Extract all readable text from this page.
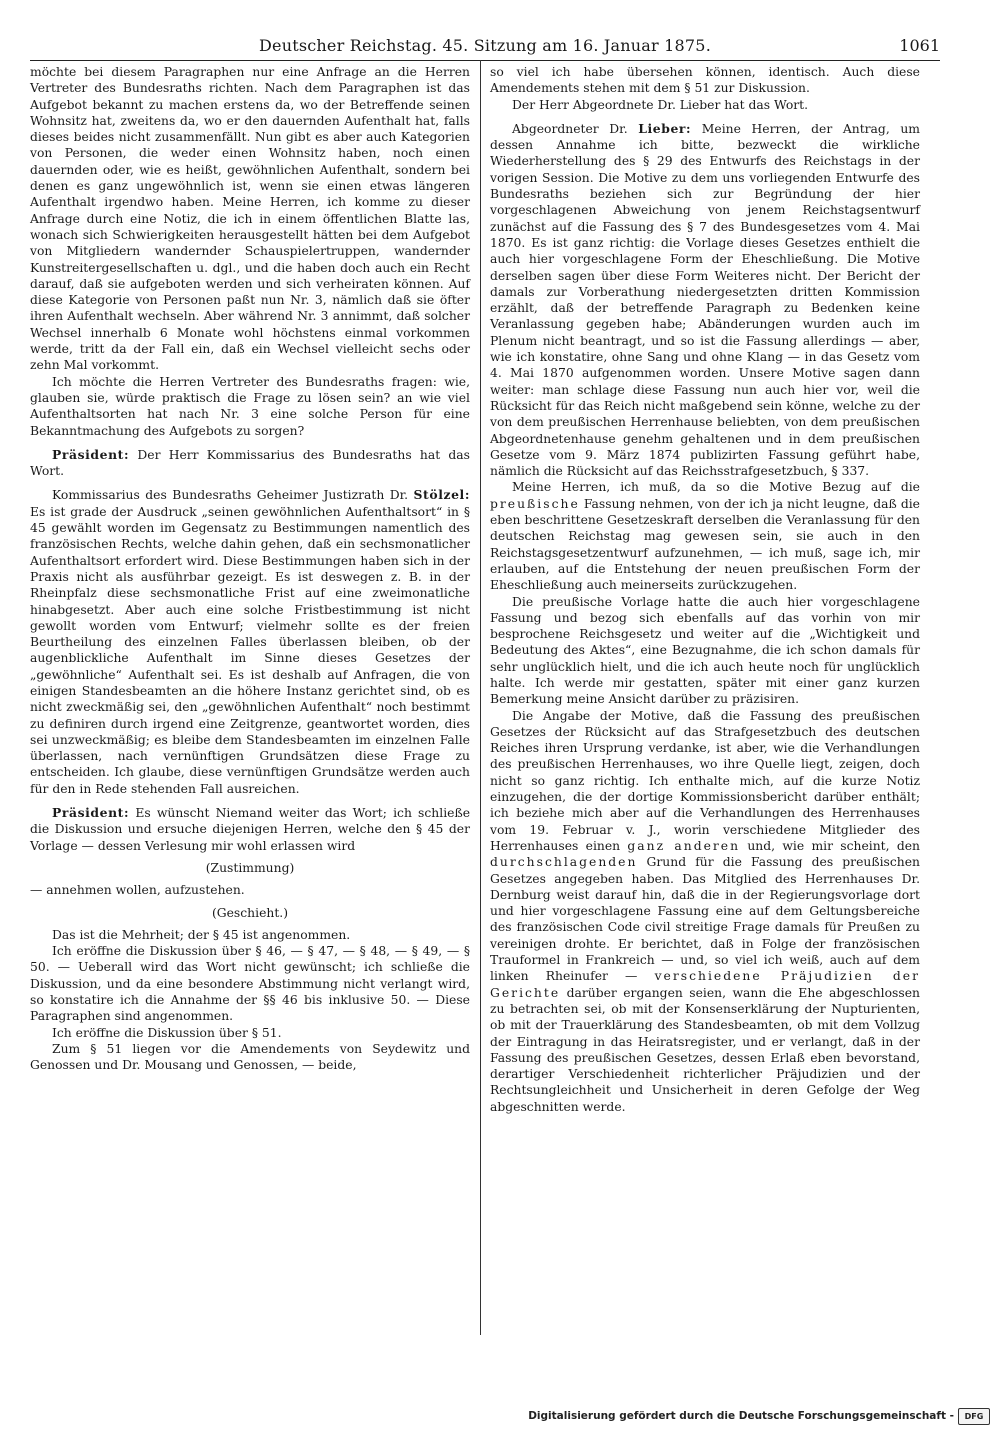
Deutscher Reichstag. 45. Sitzung am 16. Januar 1875.	1061

möchte bei diesem Paragraphen nur eine Anfrage an die Herren Vertreter des Bundesraths richten. Nach dem Paragraphen ist das Aufgebot bekannt zu machen erstens da, wo der Betreffende seinen Wohnsitz hat, zweitens da, wo er den dauernden Aufenthalt hat, falls dieses beides nicht zusammenfällt. Nun gibt es aber auch Kategorien von Personen, die weder einen Wohnsitz haben, noch einen dauernden oder, wie es heißt, gewöhnlichen Aufenthalt, sondern bei denen es ganz ungewöhnlich ist, wenn sie einen etwas längeren Aufenthalt irgendwo haben. Meine Herren, ich komme zu dieser Anfrage durch eine Notiz, die ich in einem öffentlichen Blatte las, wonach sich Schwierigkeiten herausgestellt hätten bei dem Aufgebot von Mitgliedern wandernder Schauspielertruppen, wandernder Kunstreitergesellschaften u. dgl., und die haben doch auch ein Recht darauf, daß sie aufgeboten werden und sich verheiraten können. Auf diese Kategorie von Personen paßt nun Nr. 3, nämlich daß sie öfter ihren Aufenthalt wechseln. Aber während Nr. 3 annimmt, daß solcher Wechsel innerhalb 6 Monate wohl höchstens einmal vorkommen werde, tritt da der Fall ein, daß ein Wechsel vielleicht sechs oder zehn Mal vorkommt.

Ich möchte die Herren Vertreter des Bundesraths fragen: wie, glauben sie, würde praktisch die Frage zu lösen sein? an wie viel Aufenthaltsorten hat nach Nr. 3 eine solche Person für eine Bekanntmachung des Aufgebots zu sorgen?

Präsident: Der Herr Kommissarius des Bundesraths hat das Wort.

Kommissarius des Bundesraths Geheimer Justizrath Dr. Stölzel: Es ist grade der Ausdruck „seinen gewöhnlichen Aufenthaltsort“ in § 45 gewählt worden im Gegensatz zu Bestimmungen namentlich des französischen Rechts, welche dahin gehen, daß ein sechsmonatlicher Aufenthaltsort erfordert wird. Diese Bestimmungen haben sich in der Praxis nicht als ausführbar gezeigt. Es ist deswegen z. B. in der Rheinpfalz diese sechsmonatliche Frist auf eine zweimonatliche hinabgesetzt. Aber auch eine solche Fristbestimmung ist nicht gewollt worden vom Entwurf; vielmehr sollte es der freien Beurtheilung des einzelnen Falles überlassen bleiben, ob der augenblickliche Aufenthalt im Sinne dieses Gesetzes der „gewöhnliche“ Aufenthalt sei. Es ist deshalb auf Anfragen, die von einigen Standesbeamten an die höhere Instanz gerichtet sind, ob es nicht zweckmäßig sei, den „gewöhnlichen Aufenthalt“ noch bestimmt zu definiren durch irgend eine Zeitgrenze, geantwortet worden, dies sei unzweckmäßig; es bleibe dem Standesbeamten im einzelnen Falle überlassen, nach vernünftigen Grundsätzen diese Frage zu entscheiden. Ich glaube, diese vernünftigen Grundsätze werden auch für den in Rede stehenden Fall ausreichen.

Präsident: Es wünscht Niemand weiter das Wort; ich schließe die Diskussion und ersuche diejenigen Herren, welche den § 45 der Vorlage — dessen Verlesung mir wohl erlassen wird

(Zustimmung)

— annehmen wollen, aufzustehen.

(Geschieht.)

Das ist die Mehrheit; der § 45 ist angenommen.

Ich eröffne die Diskussion über § 46, — § 47, — § 48, — § 49, — § 50. — Ueberall wird das Wort nicht gewünscht; ich schließe die Diskussion, und da eine besondere Abstimmung nicht verlangt wird, so konstatire ich die Annahme der §§ 46 bis inklusive 50. — Diese Paragraphen sind angenommen.

Ich eröffne die Diskussion über § 51.

Zum § 51 liegen vor die Amendements von Seydewitz und Genossen und Dr. Mousang und Genossen, — beide,

so viel ich habe übersehen können, identisch. Auch diese Amendements stehen mit dem § 51 zur Diskussion.

Der Herr Abgeordnete Dr. Lieber hat das Wort.

Abgeordneter Dr. Lieber: Meine Herren, der Antrag, um dessen Annahme ich bitte, bezweckt die wirkliche Wiederherstellung des § 29 des Entwurfs des Reichstags in der vorigen Session. Die Motive zu dem uns vorliegenden Entwurfe des Bundesraths beziehen sich zur Begründung der hier vorgeschlagenen Abweichung von jenem Reichstagsentwurf zunächst auf die Fassung des § 7 des Bundesgesetzes vom 4. Mai 1870. Es ist ganz richtig: die Vorlage dieses Gesetzes enthielt die auch hier vorgeschlagene Form der Eheschließung. Die Motive derselben sagen über diese Form Weiteres nicht. Der Bericht der damals zur Vorberathung niedergesetzten dritten Kommission erzählt, daß der betreffende Paragraph zu Bedenken keine Veranlassung gegeben habe; Abänderungen wurden auch im Plenum nicht beantragt, und so ist die Fassung allerdings — aber, wie ich konstatire, ohne Sang und ohne Klang — in das Gesetz vom 4. Mai 1870 aufgenommen worden. Unsere Motive sagen dann weiter: man schlage diese Fassung nun auch hier vor, weil die Rücksicht für das Reich nicht maßgebend sein könne, welche zu der von dem preußischen Herrenhause beliebten, von dem preußischen Abgeordnetenhause genehm gehaltenen und in dem preußischen Gesetze vom 9. März 1874 publizirten Fassung geführt habe, nämlich die Rücksicht auf das Reichsstrafgesetzbuch, § 337.

Meine Herren, ich muß, da so die Motive Bezug auf die preußische Fassung nehmen, von der ich ja nicht leugne, daß die eben beschrittene Gesetzeskraft derselben die Veranlassung für den deutschen Reichstag mag gewesen sein, sie auch in den Reichstagsgesetzentwurf aufzunehmen, — ich muß, sage ich, mir erlauben, auf die Entstehung der neuen preußischen Form der Eheschließung auch meinerseits zurückzugehen.

Die preußische Vorlage hatte die auch hier vorgeschlagene Fassung und bezog sich ebenfalls auf das vorhin von mir besprochene Reichsgesetz und weiter auf die „Wichtigkeit und Bedeutung des Aktes“, eine Bezugnahme, die ich schon damals für sehr unglücklich hielt, und die ich auch heute noch für unglücklich halte. Ich werde mir gestatten, später mit einer ganz kurzen Bemerkung meine Ansicht darüber zu präzisiren.

Die Angabe der Motive, daß die Fassung des preußischen Gesetzes der Rücksicht auf das Strafgesetzbuch des deutschen Reiches ihren Ursprung verdanke, ist aber, wie die Verhandlungen des preußischen Herrenhauses, wo ihre Quelle liegt, zeigen, doch nicht so ganz richtig. Ich enthalte mich, auf die kurze Notiz einzugehen, die der dortige Kommissionsbericht darüber enthält; ich beziehe mich aber auf die Verhandlungen des Herrenhauses vom 19. Februar v. J., worin verschiedene Mitglieder des Herrenhauses einen ganz anderen und, wie mir scheint, den durchschlagenden Grund für die Fassung des preußischen Gesetzes angegeben haben. Das Mitglied des Herrenhauses Dr. Dernburg weist darauf hin, daß die in der Regierungsvorlage dort und hier vorgeschlagene Fassung eine auf dem Geltungsbereiche des französischen Code civil streitige Frage damals für Preußen zu vereinigen drohte. Er berichtet, daß in Folge der französischen Trauformel in Frankreich — und, so viel ich weiß, auch auf dem linken Rheinufer — verschiedene Präjudizien der Gerichte darüber ergangen seien, wann die Ehe abgeschlossen zu betrachten sei, ob mit der Konsenserklärung der Nupturienten, ob mit der Trauerklärung des Standesbeamten, ob mit dem Vollzug der Eintragung in das Heiratsregister, und er verlangt, daß in der Fassung des preußischen Gesetzes, dessen Erlaß eben bevorstand, derartiger Verschiedenheit richterlicher Präjudizien und der Rechtsungleichheit und Unsicherheit in deren Gefolge der Weg abgeschnitten werde.

Digitalisierung gefördert durch die Deutsche Forschungsgemeinschaft -	DFG
